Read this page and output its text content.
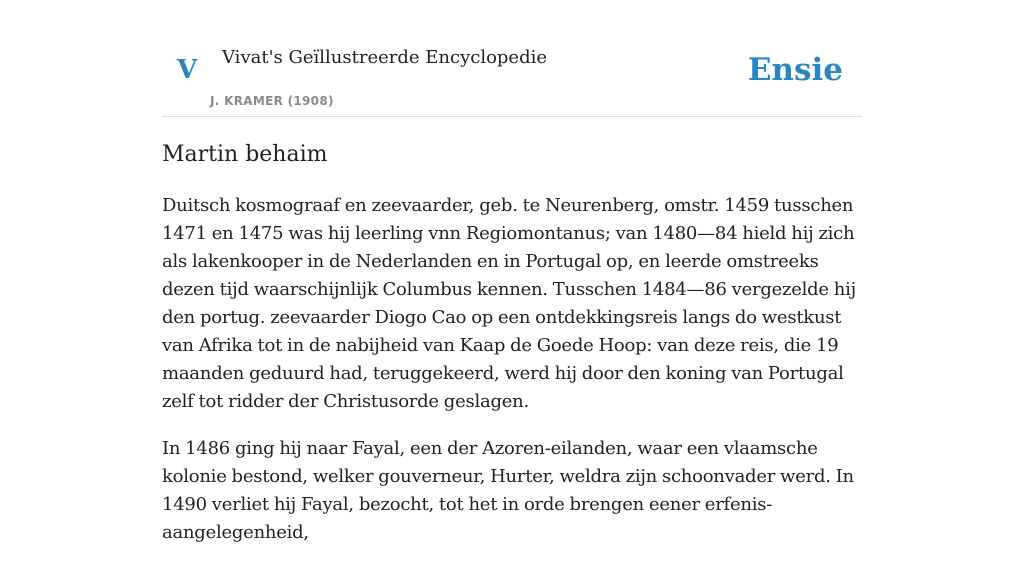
V Vivat's Geïllustreerde Encyclopedie
J. KRAMER (1908)
Ensie
Martin behaim

Duitsch kosmograaf en zeevaarder, geb. te Neurenberg, omstr. 1459 tusschen 1471 en 1475 was hij leerling vnn Regiomontanus; van 1480—84 hield hij zich als lakenkooper in de Nederlanden en in Portugal op, en leerde omstreeks dezen tijd waarschijnlijk Columbus kennen. Tusschen 1484—86 vergezelde hij den portug. zeevaarder Diogo Cao op een ontdekkingsreis langs do westkust van Afrika tot in de nabijheid van Kaap de Goede Hoop: van deze reis, die 19 maanden geduurd had, teruggekeerd, werd hij door den koning van Portugal zelf tot ridder der Christusorde geslagen.

In 1486 ging hij naar Fayal, een der Azoren-eilanden, waar een vlaamsche kolonie bestond, welker gouverneur, Hurter, weldra zijn schoonvader werd. In 1490 verliet hij Fayal, bezocht, tot het in orde brengen eener erfenis-aangelegenheid,
